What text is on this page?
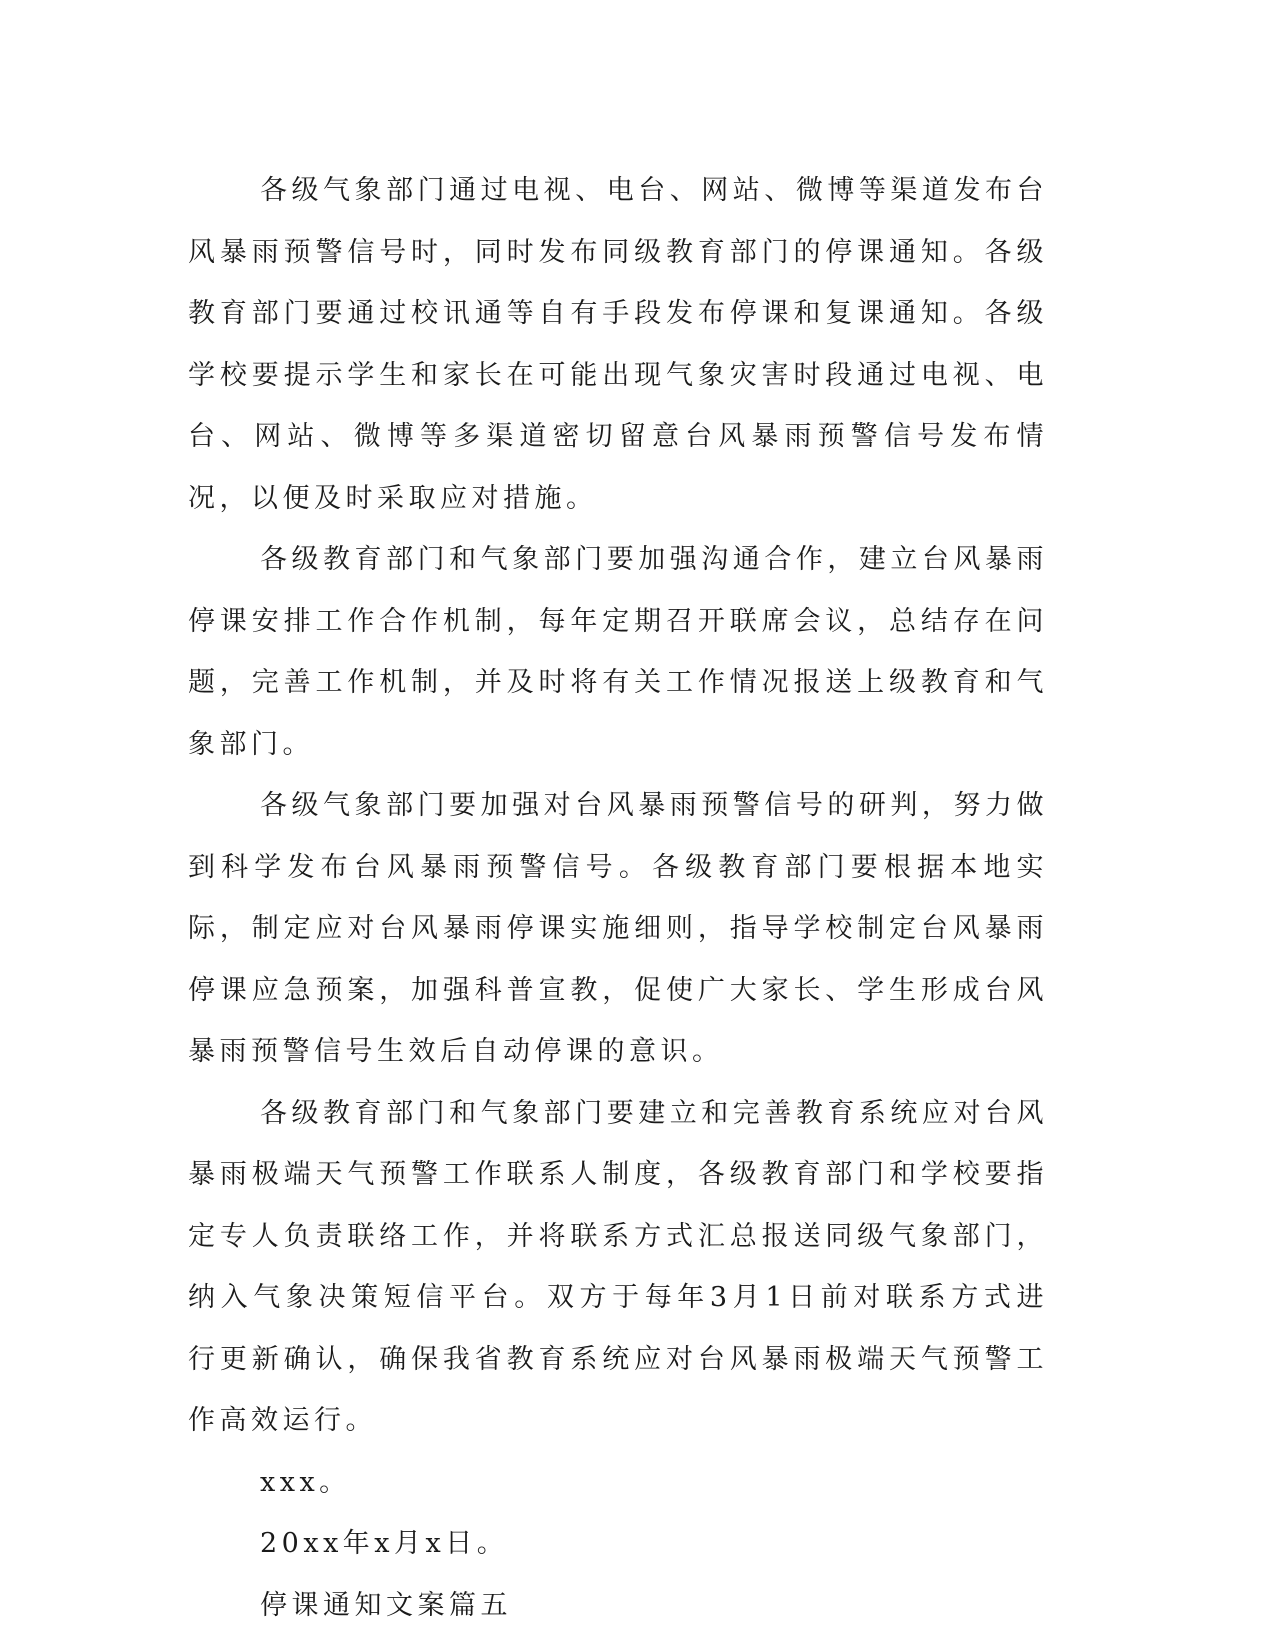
各级气象部门通过电视、电台、网站、微博等渠道发布台风暴雨预警信号时，同时发布同级教育部门的停课通知。各级教育部门要通过校讯通等自有手段发布停课和复课通知。各级学校要提示学生和家长在可能出现气象灾害时段通过电视、电台、网站、微博等多渠道密切留意台风暴雨预警信号发布情况，以便及时采取应对措施。

各级教育部门和气象部门要加强沟通合作，建立台风暴雨停课安排工作合作机制，每年定期召开联席会议，总结存在问题，完善工作机制，并及时将有关工作情况报送上级教育和气象部门。

各级气象部门要加强对台风暴雨预警信号的研判，努力做到科学发布台风暴雨预警信号。各级教育部门要根据本地实际，制定应对台风暴雨停课实施细则，指导学校制定台风暴雨停课应急预案，加强科普宣教，促使广大家长、学生形成台风暴雨预警信号生效后自动停课的意识。

各级教育部门和气象部门要建立和完善教育系统应对台风暴雨极端天气预警工作联系人制度，各级教育部门和学校要指定专人负责联络工作，并将联系方式汇总报送同级气象部门，纳入气象决策短信平台。双方于每年3月1日前对联系方式进行更新确认，确保我省教育系统应对台风暴雨极端天气预警工作高效运行。

xxx。

20xx年x月x日。

停课通知文案篇五
